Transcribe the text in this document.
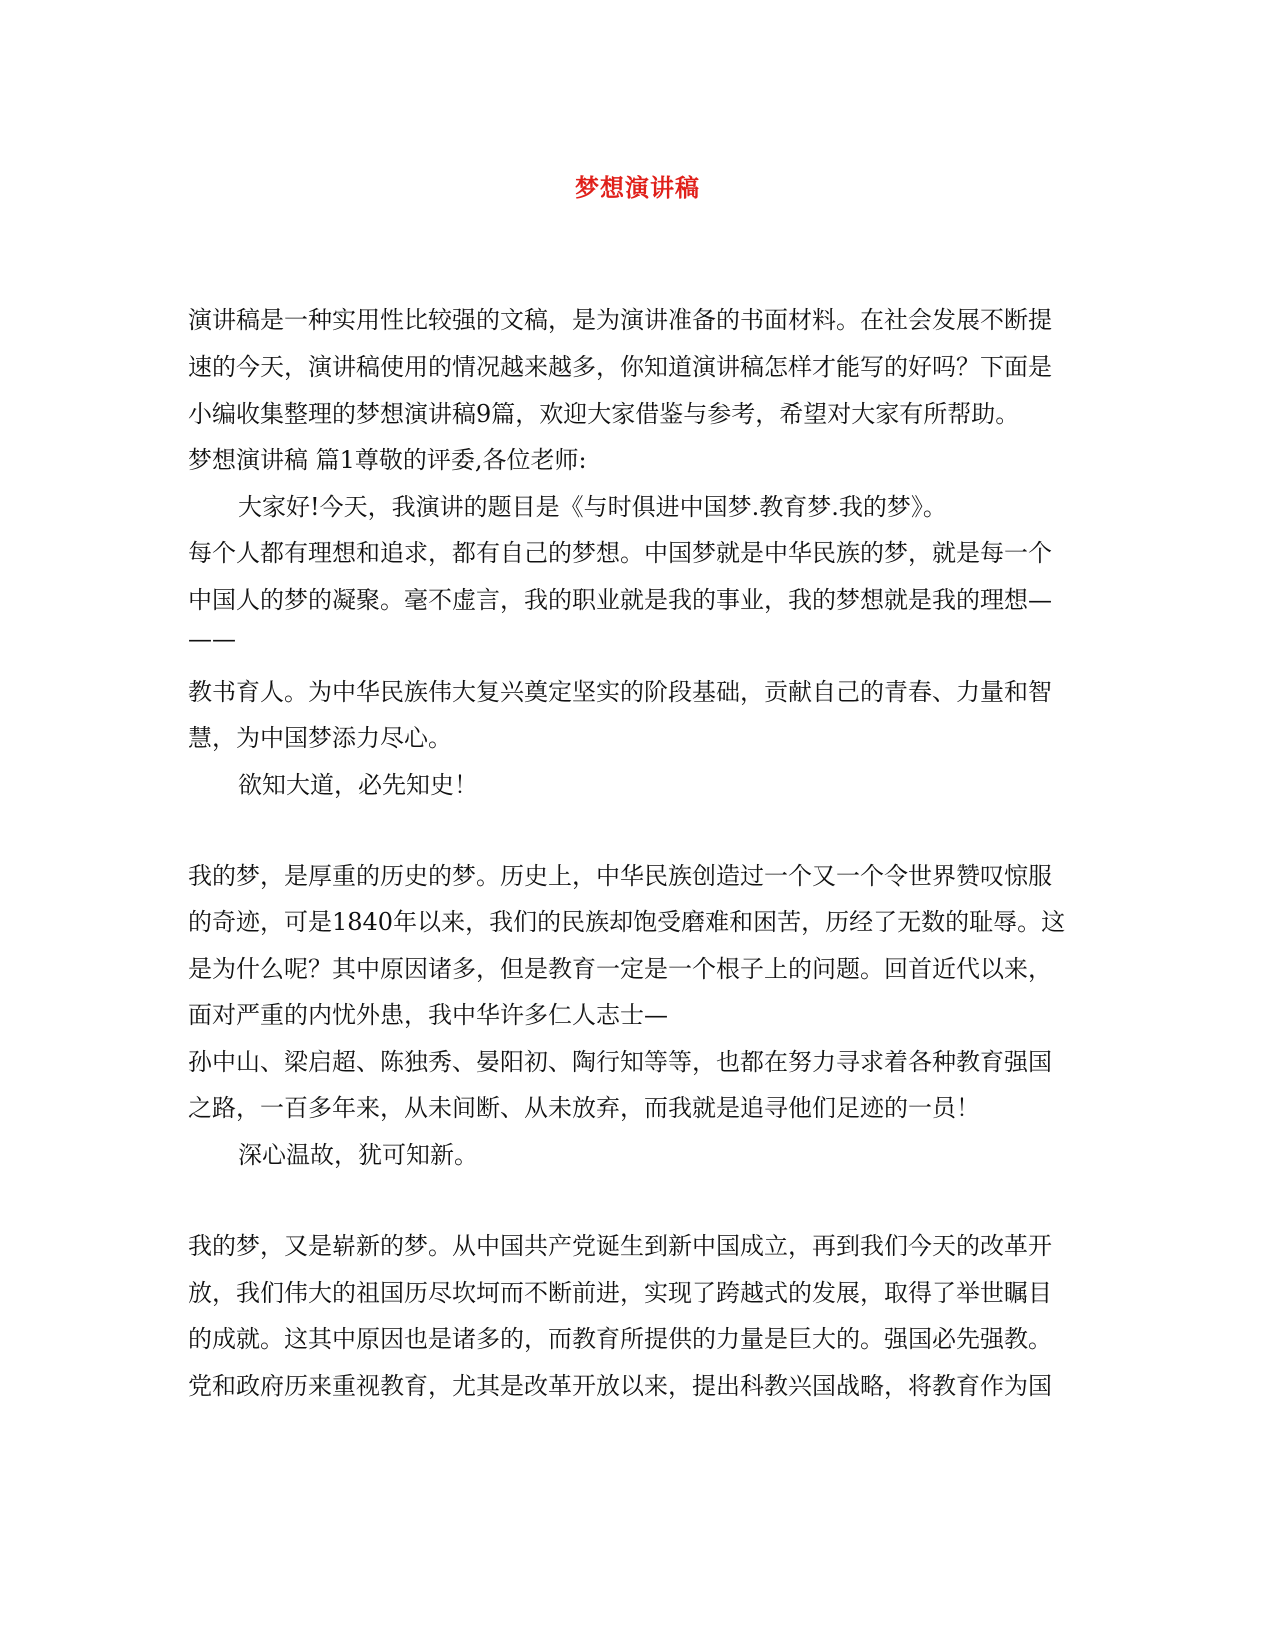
梦想演讲稿
演讲稿是一种实用性比较强的文稿，是为演讲准备的书面材料。在社会发展不断提
速的今天，演讲稿使用的情况越来越多，你知道演讲稿怎样才能写的好吗？下面是
小编收集整理的梦想演讲稿9篇，欢迎大家借鉴与参考，希望对大家有所帮助。
梦想演讲稿 篇1尊敬的评委,各位老师:
大家好!今天，我演讲的题目是《与时俱进中国梦.教育梦.我的梦》。
每个人都有理想和追求，都有自己的梦想。中国梦就是中华民族的梦，就是每一个
中国人的梦的凝聚。毫不虚言，我的职业就是我的事业，我的梦想就是我的理想—
——
教书育人。为中华民族伟大复兴奠定坚实的阶段基础，贡献自己的青春、力量和智
慧，为中国梦添力尽心。
欲知大道，必先知史！
我的梦，是厚重的历史的梦。历史上，中华民族创造过一个又一个令世界赞叹惊服
的奇迹，可是1840年以来，我们的民族却饱受磨难和困苦，历经了无数的耻辱。这
是为什么呢？其中原因诸多，但是教育一定是一个根子上的问题。回首近代以来，
面对严重的内忧外患，我中华许多仁人志士—
孙中山、梁启超、陈独秀、晏阳初、陶行知等等，也都在努力寻求着各种教育强国
之路，一百多年来，从未间断、从未放弃，而我就是追寻他们足迹的一员！
深心温故，犹可知新。
我的梦，又是崭新的梦。从中国共产党诞生到新中国成立，再到我们今天的改革开
放，我们伟大的祖国历尽坎坷而不断前进，实现了跨越式的发展，取得了举世瞩目
的成就。这其中原因也是诸多的，而教育所提供的力量是巨大的。强国必先强教。
党和政府历来重视教育，尤其是改革开放以来，提出科教兴国战略，将教育作为国
